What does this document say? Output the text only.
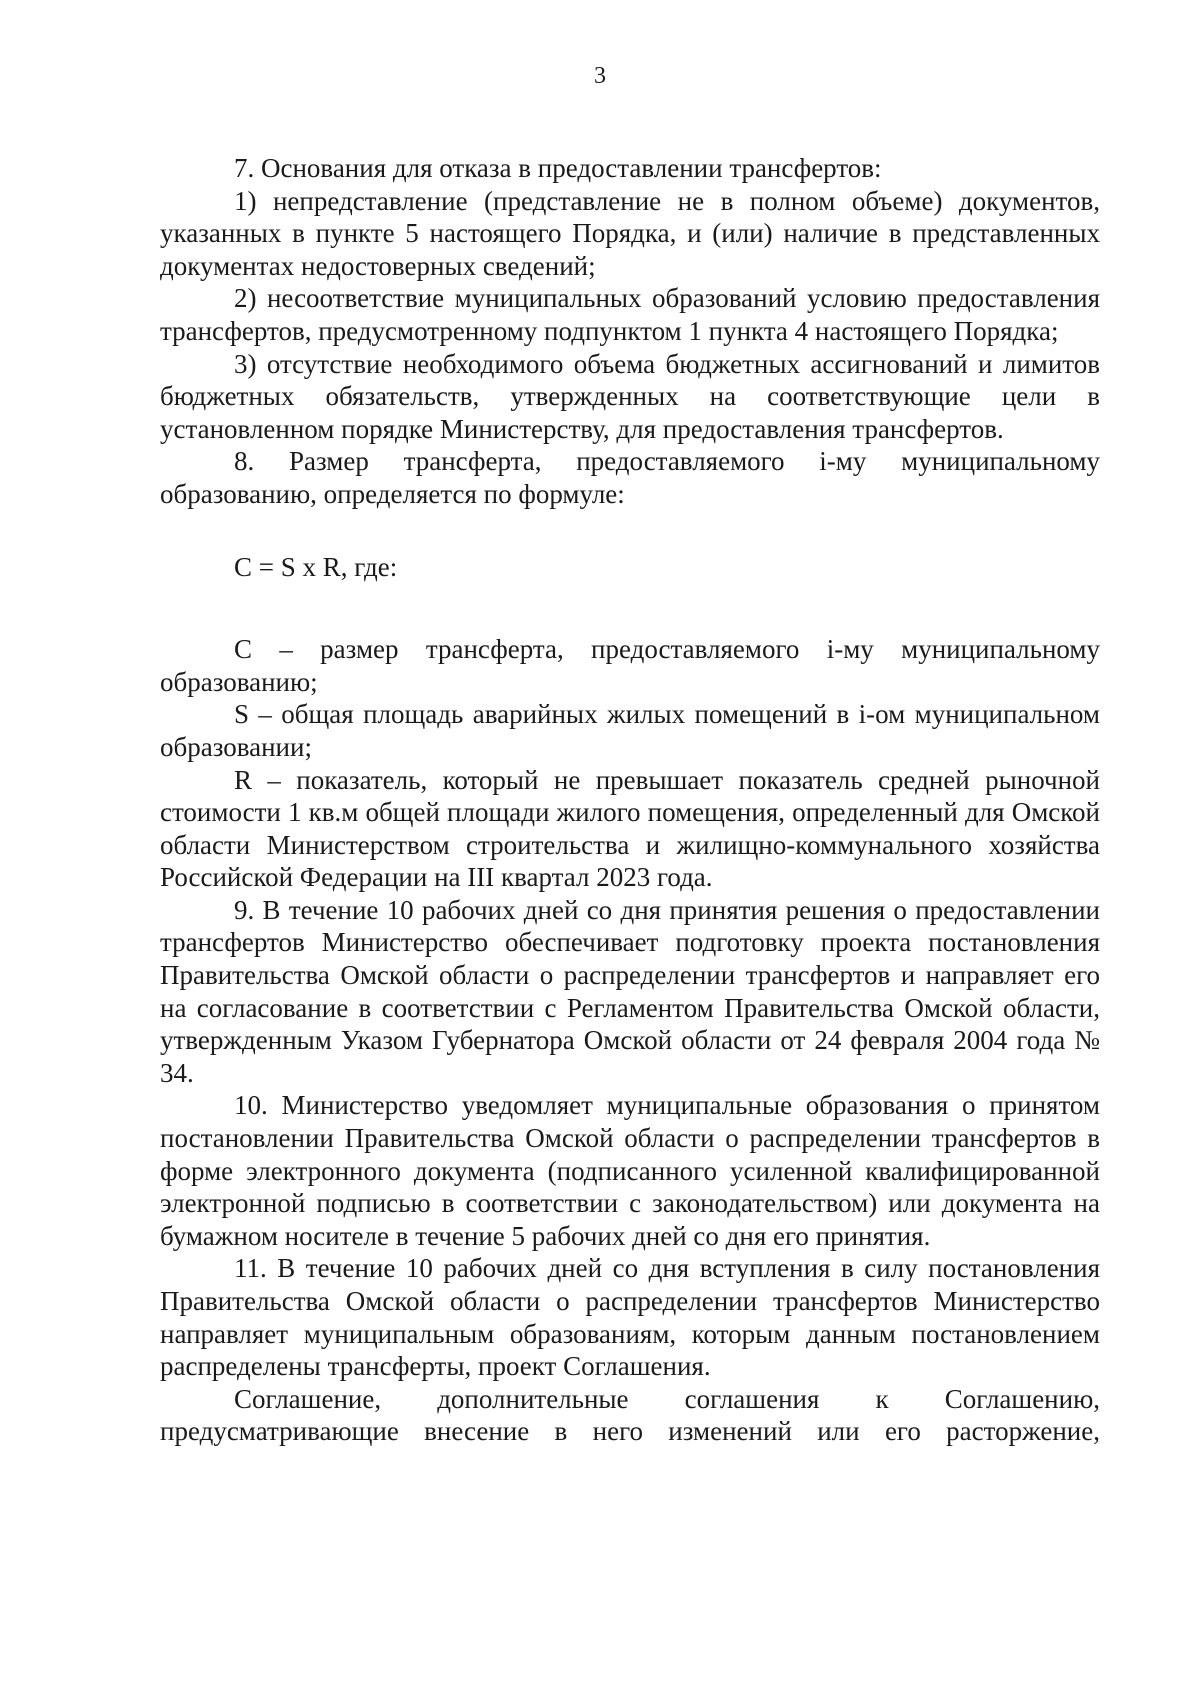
3

7. Основания для отказа в предоставлении трансфертов:

1) непредставление (представление не в полном объеме) документов, указанных в пункте 5 настоящего Порядка, и (или) наличие в представленных документах недостоверных сведений;

2) несоответствие муниципальных образований условию предоставления трансфертов, предусмотренному подпунктом 1 пункта 4 настоящего Порядка;

3) отсутствие необходимого объема бюджетных ассигнований и лимитов бюджетных обязательств, утвержденных на соответствующие цели в установленном порядке Министерству, для предоставления трансфертов.

8. Размер трансферта, предоставляемого i-му муниципальному образованию, определяется по формуле:

C = S x R, где:

C – размер трансферта, предоставляемого i-му муниципальному образованию;

S – общая площадь аварийных жилых помещений в i-ом муниципальном образовании;

R – показатель, который не превышает показатель средней рыночной стоимости 1 кв.м общей площади жилого помещения, определенный для Омской области Министерством строительства и жилищно-коммунального хозяйства Российской Федерации на III квартал 2023 года.

9. В течение 10 рабочих дней со дня принятия решения о предоставлении трансфертов Министерство обеспечивает подготовку проекта постановления Правительства Омской области о распределении трансфертов и направляет его на согласование в соответствии с Регламентом Правительства Омской области, утвержденным Указом Губернатора Омской области от 24 февраля 2004 года № 34.

10. Министерство уведомляет муниципальные образования о принятом постановлении Правительства Омской области о распределении трансфертов в форме электронного документа (подписанного усиленной квалифицированной электронной подписью в соответствии с законодательством) или документа на бумажном носителе в течение 5 рабочих дней со дня его принятия.

11. В течение 10 рабочих дней со дня вступления в силу постановления Правительства Омской области о распределении трансфертов Министерство направляет муниципальным образованиям, которым данным постановлением распределены трансферты, проект Соглашения.

Соглашение, дополнительные соглашения к Соглашению, предусматривающие внесение в него изменений или его расторжение,
